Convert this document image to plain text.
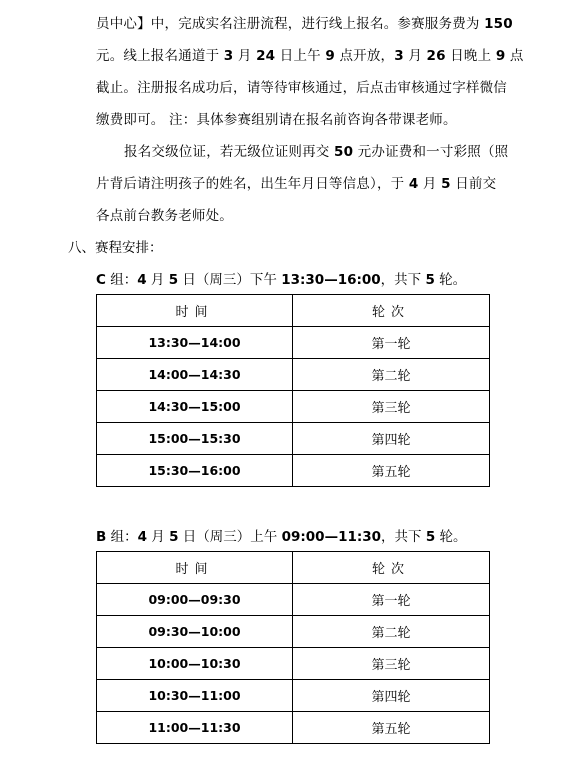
员中心】中，完成实名注册流程，进行线上报名。参赛服务费为 150
元。线上报名通道于 3 月 24 日上午 9 点开放，3 月 26 日晚上 9 点
截止。注册报名成功后，请等待审核通过，后点击审核通过字样微信
缴费即可。 注：具体参赛组别请在报名前咨询各带课老师。
报名交级位证，若无级位证则再交 50 元办证费和一寸彩照（照
片背后请注明孩子的姓名，出生年月日等信息），于 4 月 5 日前交
各点前台教务老师处。
八、赛程安排：
C 组：4 月 5 日（周三）下午 13:30—16:00，共下 5 轮。
时间	轮次
13:30—14:00	第一轮
14:00—14:30	第二轮
14:30—15:00	第三轮
15:00—15:30	第四轮
15:30—16:00	第五轮
B 组：4 月 5 日（周三）上午 09:00—11:30，共下 5 轮。
时间	轮次
09:00—09:30	第一轮
09:30—10:00	第二轮
10:00—10:30	第三轮
10:30—11:00	第四轮
11:00—11:30	第五轮
